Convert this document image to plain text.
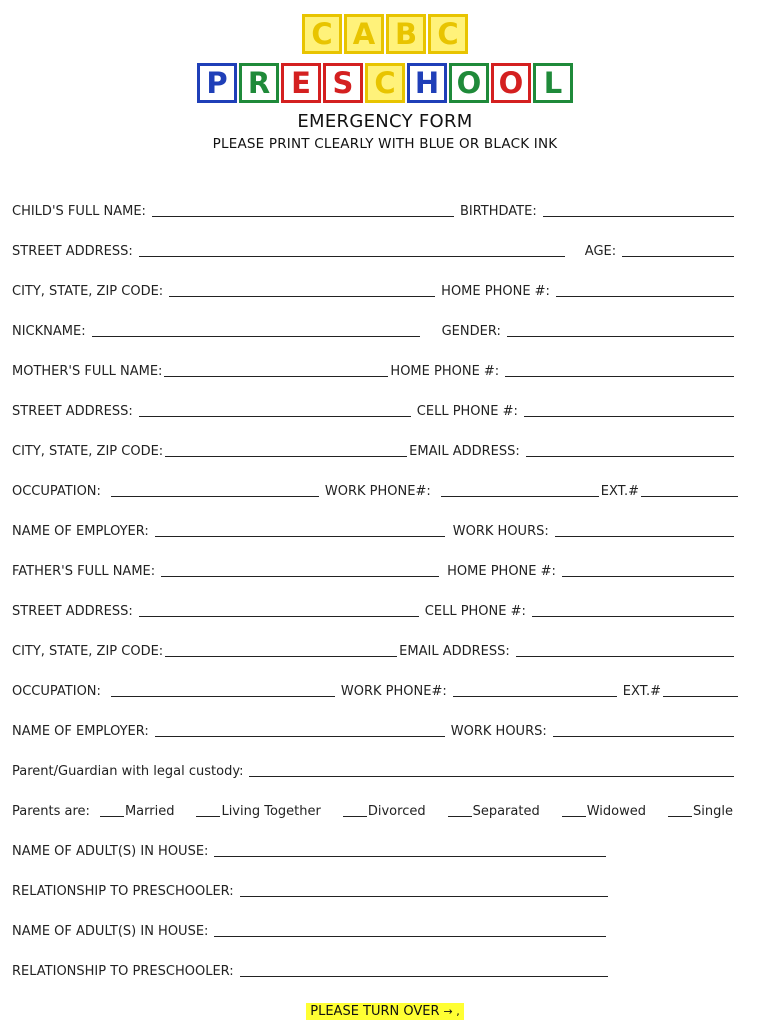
C A B C
P R E S C H O O L

EMERGENCY FORM

PLEASE PRINT CLEARLY WITH BLUE OR BLACK INK

CHILD'S FULL NAME:	BIRTHDATE:
STREET ADDRESS:	AGE:
CITY, STATE, ZIP CODE:	HOME PHONE #:
NICKNAME:	GENDER:
MOTHER'S FULL NAME:	HOME PHONE #:
STREET ADDRESS:	CELL PHONE #:
CITY, STATE, ZIP CODE:	EMAIL ADDRESS:
OCCUPATION:	WORK PHONE#:	EXT.#
NAME OF EMPLOYER:	WORK HOURS:
FATHER'S FULL NAME:	HOME PHONE #:
STREET ADDRESS:	CELL PHONE #:
CITY, STATE, ZIP CODE:	EMAIL ADDRESS:
OCCUPATION:	WORK PHONE#:	EXT.#
NAME OF EMPLOYER:	WORK HOURS:
Parent/Guardian with legal custody:
Parents are:	Married	Living Together	Divorced	Separated	Widowed	Single
NAME OF ADULT(S) IN HOUSE:
RELATIONSHIP TO PRESCHOOLER:
NAME OF ADULT(S) IN HOUSE:
RELATIONSHIP TO PRESCHOOLER:
PLEASE TURN OVER → ,
